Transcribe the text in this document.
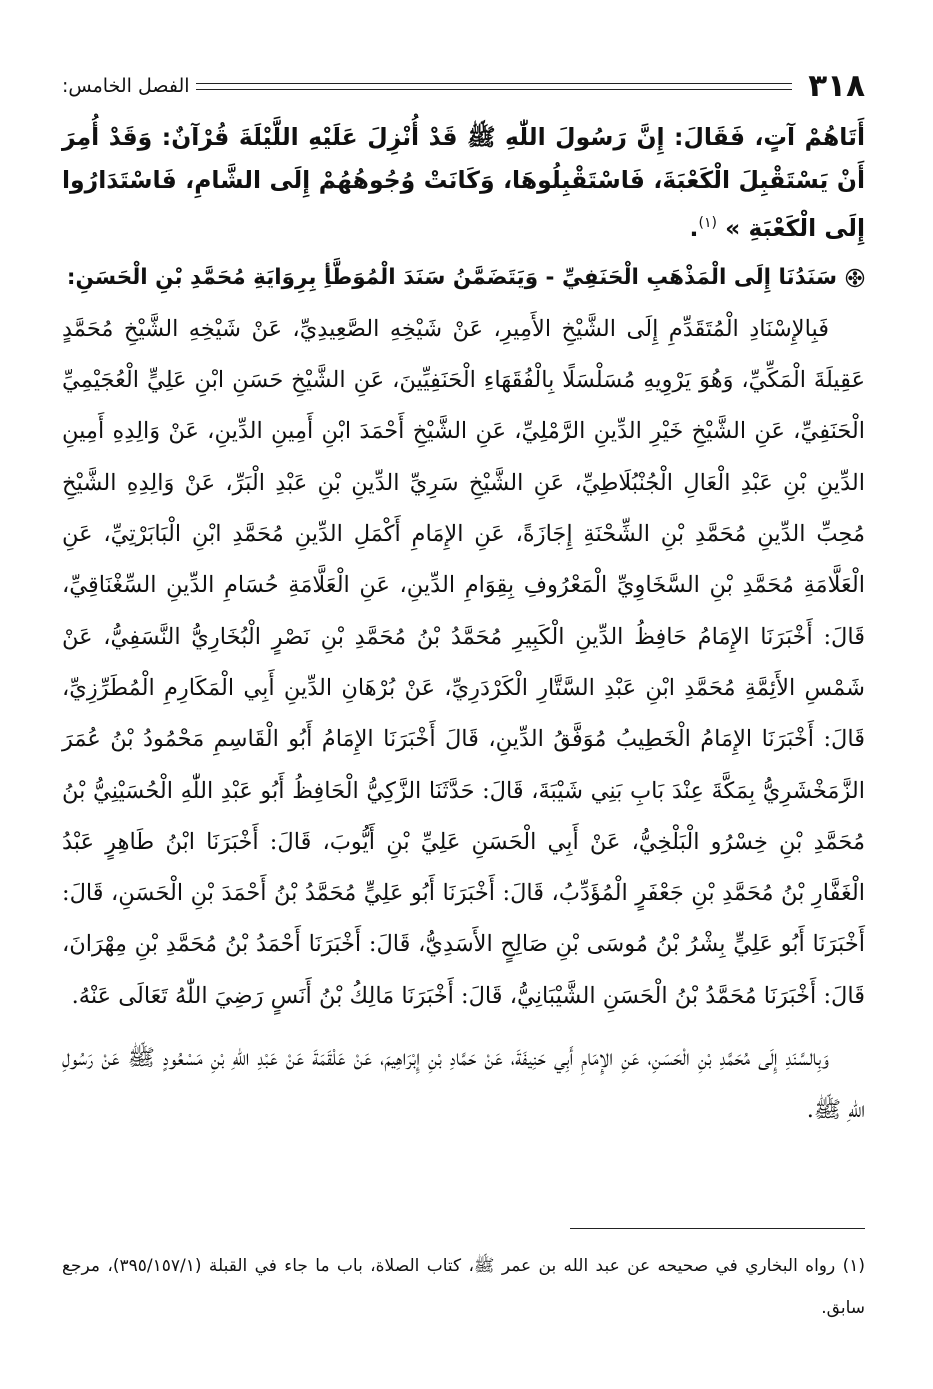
٣١٨
الفصل الخامس
:

أَتَاهُمْ آتٍ، فَقَالَ: إِنَّ رَسُولَ اللّٰهِ ﷺ قَدْ أُنْزِلَ عَلَيْهِ اللَّيْلَةَ قُرْآنٌ: وَقَدْ أُمِرَ أَنْ يَسْتَقْبِلَ الْكَعْبَةَ، فَاسْتَقْبِلُوهَا، وَكَانَتْ وُجُوهُهُمْ إِلَى الشَّامِ، فَاسْتَدَارُوا إِلَى الْكَعْبَةِ » $^{(١)}$.

سَنَدُنَا إِلَى الْمَذْهَبِ الْحَنَفِيِّ - وَيَتَضَمَّنُ سَنَدَ الْمُوَطَّأِ بِرِوَايَةِ مُحَمَّدِ بْنِ الْحَسَنِ:

فَبِالإِسْنَادِ الْمُتَقَدِّمِ إِلَى الشَّيْخِ الأَمِيرِ، عَنْ شَيْخِهِ الصَّعِيدِيِّ، عَنْ شَيْخِهِ الشَّيْخِ مُحَمَّدٍ عَقِيلَةَ الْمَكِّيِّ، وَهُوَ يَرْوِيهِ مُسَلْسَلًا بِالْفُقَهَاءِ الْحَنَفِيِّينَ، عَنِ الشَّيْخِ حَسَنِ ابْنِ عَلِيٍّ الْعُجَيْمِيِّ الْحَنَفِيِّ، عَنِ الشَّيْخِ خَيْرِ الدِّينِ الرَّمْلِيِّ، عَنِ الشَّيْخِ أَحْمَدَ ابْنِ أَمِينِ الدِّينِ، عَنْ وَالِدِهِ أَمِينِ الدِّينِ بْنِ عَبْدِ الْعَالِ الْجُنْبُلَاطِيِّ، عَنِ الشَّيْخِ سَرِيِّ الدِّينِ بْنِ عَبْدِ الْبَرِّ، عَنْ وَالِدِهِ الشَّيْخِ مُحِبِّ الدِّينِ مُحَمَّدِ بْنِ الشِّحْنَةِ إِجَازَةً، عَنِ الإِمَامِ أَكْمَلِ الدِّينِ مُحَمَّدِ ابْنِ الْبَابَرْتِيِّ، عَنِ الْعَلَّامَةِ مُحَمَّدِ بْنِ السَّخَاوِيِّ الْمَعْرُوفِ بِقِوَامِ الدِّينِ، عَنِ الْعَلَّامَةِ حُسَامِ الدِّينِ السِّغْنَاقِيِّ، قَالَ: أَخْبَرَنَا الإِمَامُ حَافِظُ الدِّينِ الْكَبِيرِ مُحَمَّدُ بْنُ مُحَمَّدِ بْنِ نَصْرٍ الْبُخَارِيُّ النَّسَفِيُّ، عَنْ شَمْسِ الأَئِمَّةِ مُحَمَّدِ ابْنِ عَبْدِ السَّتَّارِ الْكَرْدَرِيِّ، عَنْ بُرْهَانِ الدِّينِ أَبِي الْمَكَارِمِ الْمُطَرِّزِيِّ، قَالَ: أَخْبَرَنَا الإِمَامُ الْخَطِيبُ مُوَفَّقُ الدِّينِ، قَالَ أَخْبَرَنَا الإِمَامُ أَبُو الْقَاسِمِ مَحْمُودُ بْنُ عُمَرَ الزَّمَخْشَرِيُّ بِمَكَّةَ عِنْدَ بَابِ بَنِي شَيْبَةَ، قَالَ: حَدَّثَنَا الزَّكِيُّ الْحَافِظُ أَبُو عَبْدِ اللّٰهِ الْحُسَيْنِيُّ بْنُ مُحَمَّدِ بْنِ خِسْرُو الْبَلْخِيُّ، عَنْ أَبِي الْحَسَنِ عَلِيِّ بْنِ أَيُّوبَ، قَالَ: أَخْبَرَنَا ابْنُ طَاهِرٍ عَبْدُ الْغَفَّارِ بْنُ مُحَمَّدِ بْنِ جَعْفَرٍ الْمُؤَدِّبُ، قَالَ: أَخْبَرَنَا أَبُو عَلِيٍّ مُحَمَّدُ بْنُ أَحْمَدَ بْنِ الْحَسَنِ، قَالَ: أَخْبَرَنَا أَبُو عَلِيٍّ بِشْرُ بْنُ مُوسَى بْنِ صَالِحٍ الأَسَدِيُّ، قَالَ: أَخْبَرَنَا أَحْمَدُ بْنُ مُحَمَّدِ بْنِ مِهْرَانَ، قَالَ: أَخْبَرَنَا مُحَمَّدُ بْنُ الْحَسَنِ الشَّيْبَانِيُّ، قَالَ: أَخْبَرَنَا مَالِكُ بْنُ أَنَسٍ رَضِيَ اللّٰهُ تَعَالَى عَنْهُ.

وَبِالسَّنَدِ إِلَى مُحَمَّدِ بْنِ الْحَسَنِ، عَنِ الإِمَامِ أَبِي حَنِيفَةَ، عَنْ حَمَّادِ بْنِ إِبْرَاهِيمَ، عَنْ عَلْقَمَةَ عَنْ عَبْدِ اللّٰهِ بْنِ مَسْعُودٍ ﷺ عَنْ رَسُولِ اللّٰهِ ﷺ.

(١) رواه البخاري في صحيحه عن عبد الله بن عمر ﷺ، كتاب الصلاة، باب ما جاء في القبلة (٣٩٥/١٥٧/١)، مرجع سابق.
